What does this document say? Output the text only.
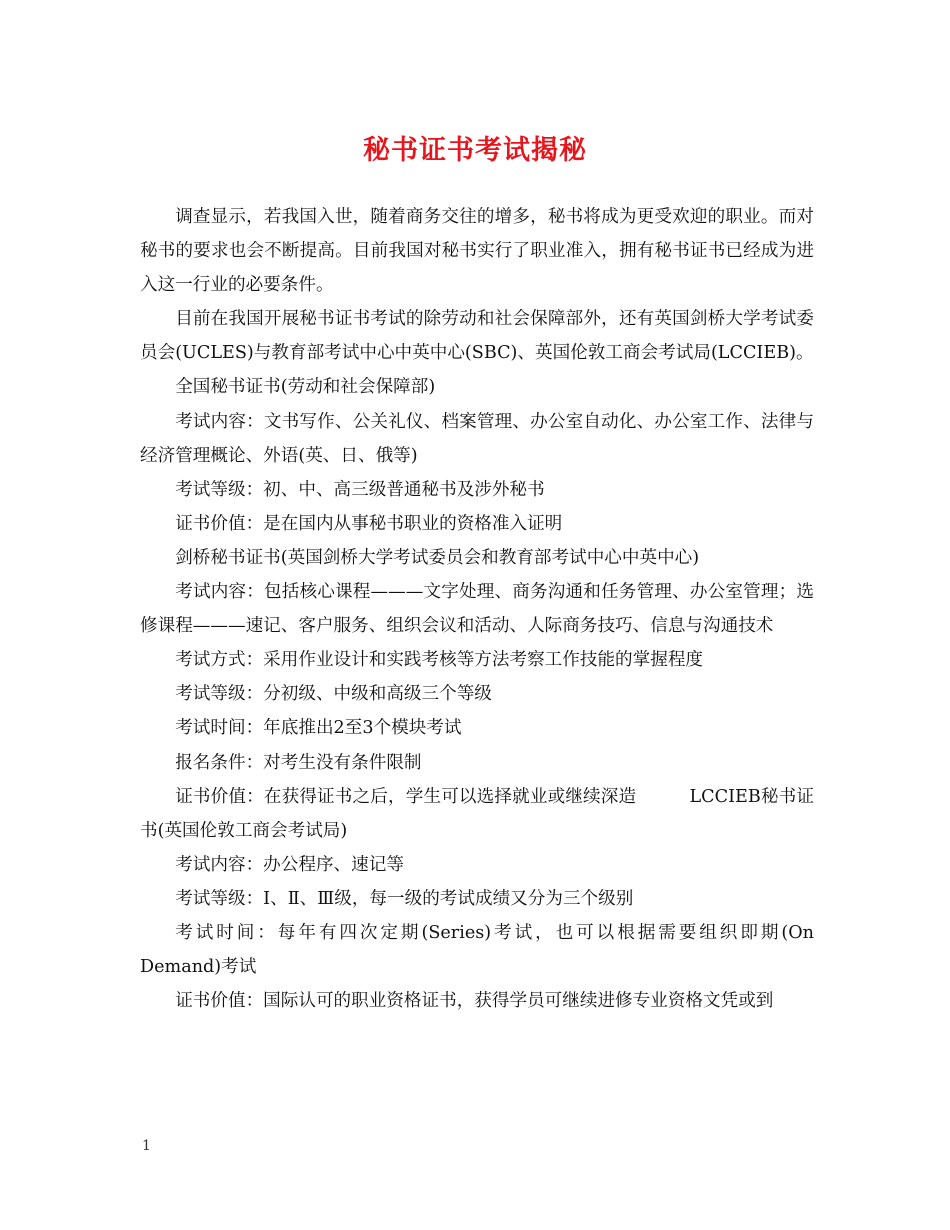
秘书证书考试揭秘

调查显示，若我国入世，随着商务交往的增多，秘书将成为更受欢迎的职业。而对秘书的要求也会不断提高。目前我国对秘书实行了职业准入，拥有秘书证书已经成为进入这一行业的必要条件。

目前在我国开展秘书证书考试的除劳动和社会保障部外，还有英国剑桥大学考试委员会(UCLES)与教育部考试中心中英中心(SBC)、英国伦敦工商会考试局(LCCIEB)。

全国秘书证书(劳动和社会保障部)

考试内容：文书写作、公关礼仪、档案管理、办公室自动化、办公室工作、法律与经济管理概论、外语(英、日、俄等)

考试等级：初、中、高三级普通秘书及涉外秘书

证书价值：是在国内从事秘书职业的资格准入证明

剑桥秘书证书(英国剑桥大学考试委员会和教育部考试中心中英中心)

考试内容：包括核心课程———文字处理、商务沟通和任务管理、办公室管理；选修课程———速记、客户服务、组织会议和活动、人际商务技巧、信息与沟通技术

考试方式：采用作业设计和实践考核等方法考察工作技能的掌握程度

考试等级：分初级、中级和高级三个等级

考试时间：年底推出2至3个模块考试

报名条件：对考生没有条件限制

证书价值：在获得证书之后，学生可以选择就业或继续深造　　　LCCIEB秘书证书(英国伦敦工商会考试局)

考试内容：办公程序、速记等

考试等级：Ⅰ、Ⅱ、Ⅲ级，每一级的考试成绩又分为三个级别

考试时间：每年有四次定期(Series)考试，也可以根据需要组织即期(On Demand)考试

证书价值：国际认可的职业资格证书，获得学员可继续进修专业资格文凭或到

1
